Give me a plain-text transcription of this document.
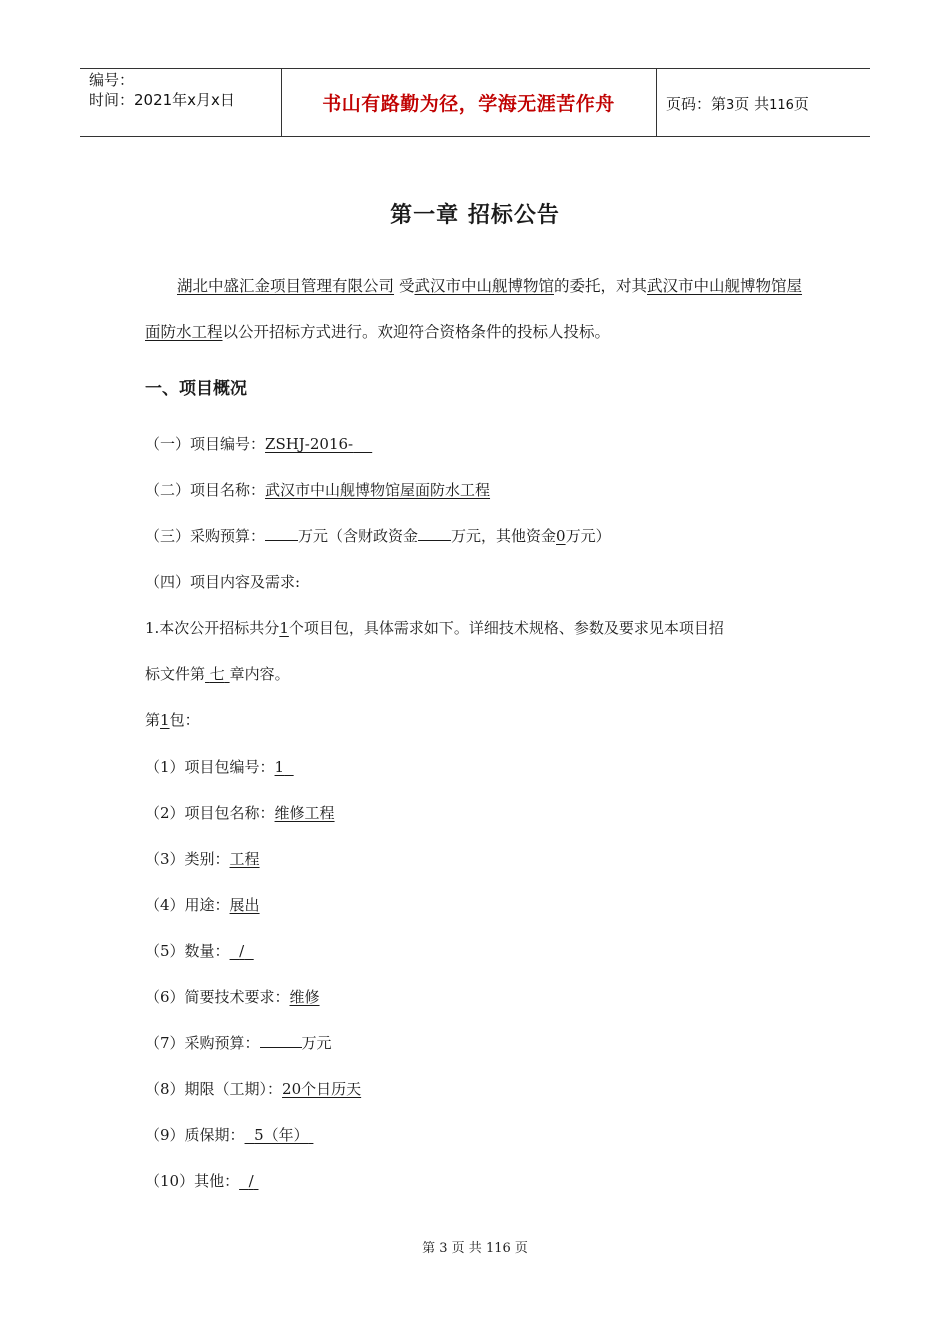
编号：
时间：2021年x月x日	书山有路勤为径，学海无涯苦作舟	页码：第3页 共116页
第一章 招标公告
湖北中盛汇金项目管理有限公司 受武汉市中山舰博物馆的委托，对其武汉市中山舰博物馆屋面防水工程以公开招标方式进行。欢迎符合资格条件的投标人投标。
一、项目概况
（一）项目编号：ZSHJ-2016-
（二）项目名称：武汉市中山舰博物馆屋面防水工程
（三）采购预算： 万元（含财政资金 万元，其他资金0万元）
（四）项目内容及需求:
1.本次公开招标共分1个项目包，具体需求如下。详细技术规格、参数及要求见本项目招
标文件第 七 章内容。
第1包：
（1）项目包编号：1
（2）项目包名称：维修工程
（3）类别：工程
（4）用途：展出
（5）数量： /
（6）简要技术要求：维修
（7）采购预算：	万元
（8）期限（工期）：20个日历天
（9）质保期： 5（年）
（10）其他： /
第 3 页 共 116 页
